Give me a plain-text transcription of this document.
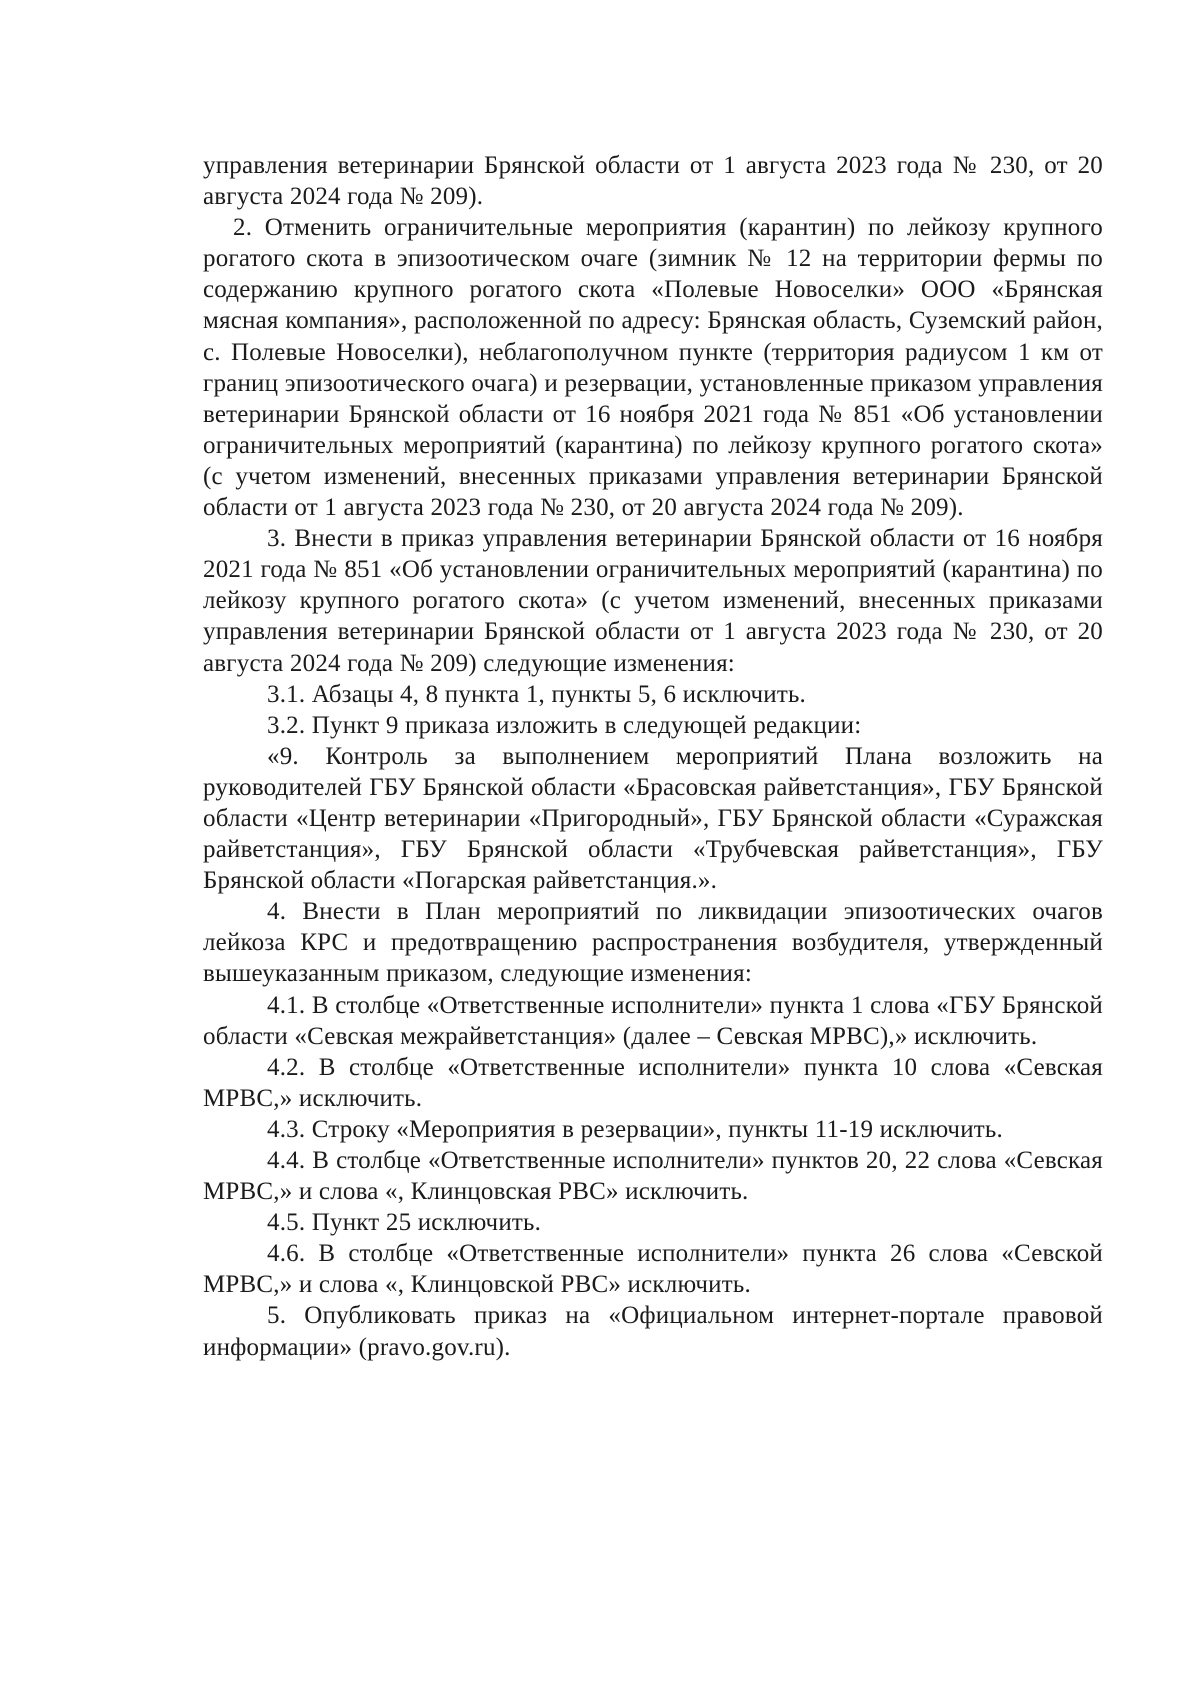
управления ветеринарии Брянской области от 1 августа 2023 года № 230, от 20 августа 2024 года № 209).

2. Отменить ограничительные мероприятия (карантин) по лейкозу крупного рогатого скота в эпизоотическом очаге (зимник № 12 на территории фермы по содержанию крупного рогатого скота «Полевые Новоселки» ООО «Брянская мясная компания», расположенной по адресу: Брянская область, Суземский район, с. Полевые Новоселки), неблагополучном пункте (территория радиусом 1 км от границ эпизоотического очага) и резервации, установленные приказом управления ветеринарии Брянской области от 16 ноября 2021 года № 851 «Об установлении ограничительных мероприятий (карантина) по лейкозу крупного рогатого скота» (с учетом изменений, внесенных приказами управления ветеринарии Брянской области от 1 августа 2023 года № 230, от 20 августа 2024 года № 209).

3. Внести в приказ управления ветеринарии Брянской области от 16 ноября 2021 года № 851 «Об установлении ограничительных мероприятий (карантина) по лейкозу крупного рогатого скота» (с учетом изменений, внесенных приказами управления ветеринарии Брянской области от 1 августа 2023 года № 230, от 20 августа 2024 года № 209) следующие изменения:

3.1. Абзацы 4, 8 пункта 1, пункты 5, 6 исключить.

3.2. Пункт 9 приказа изложить в следующей редакции:

«9. Контроль за выполнением мероприятий Плана возложить на руководителей ГБУ Брянской области «Брасовская райветстанция», ГБУ Брянской области «Центр ветеринарии «Пригородный», ГБУ Брянской области «Суражская райветстанция», ГБУ Брянской области «Трубчевская райветстанция», ГБУ Брянской области «Погарская райветстанция.».

4. Внести в План мероприятий по ликвидации эпизоотических очагов лейкоза КРС и предотвращению распространения возбудителя, утвержденный вышеуказанным приказом, следующие изменения:

4.1. В столбце «Ответственные исполнители» пункта 1 слова «ГБУ Брянской области «Севская межрайветстанция» (далее – Севская МРВС),» исключить.

4.2. В столбце «Ответственные исполнители» пункта 10 слова «Севская МРВС,» исключить.

4.3. Строку «Мероприятия в резервации», пункты 11-19 исключить.

4.4. В столбце «Ответственные исполнители» пунктов 20, 22 слова «Севская МРВС,» и слова «, Клинцовская РВС» исключить.

4.5. Пункт 25 исключить.

4.6. В столбце «Ответственные исполнители» пункта 26 слова «Севской МРВС,» и слова «, Клинцовской РВС» исключить.

5. Опубликовать приказ на «Официальном интернет-портале правовой информации» (pravo.gov.ru).
